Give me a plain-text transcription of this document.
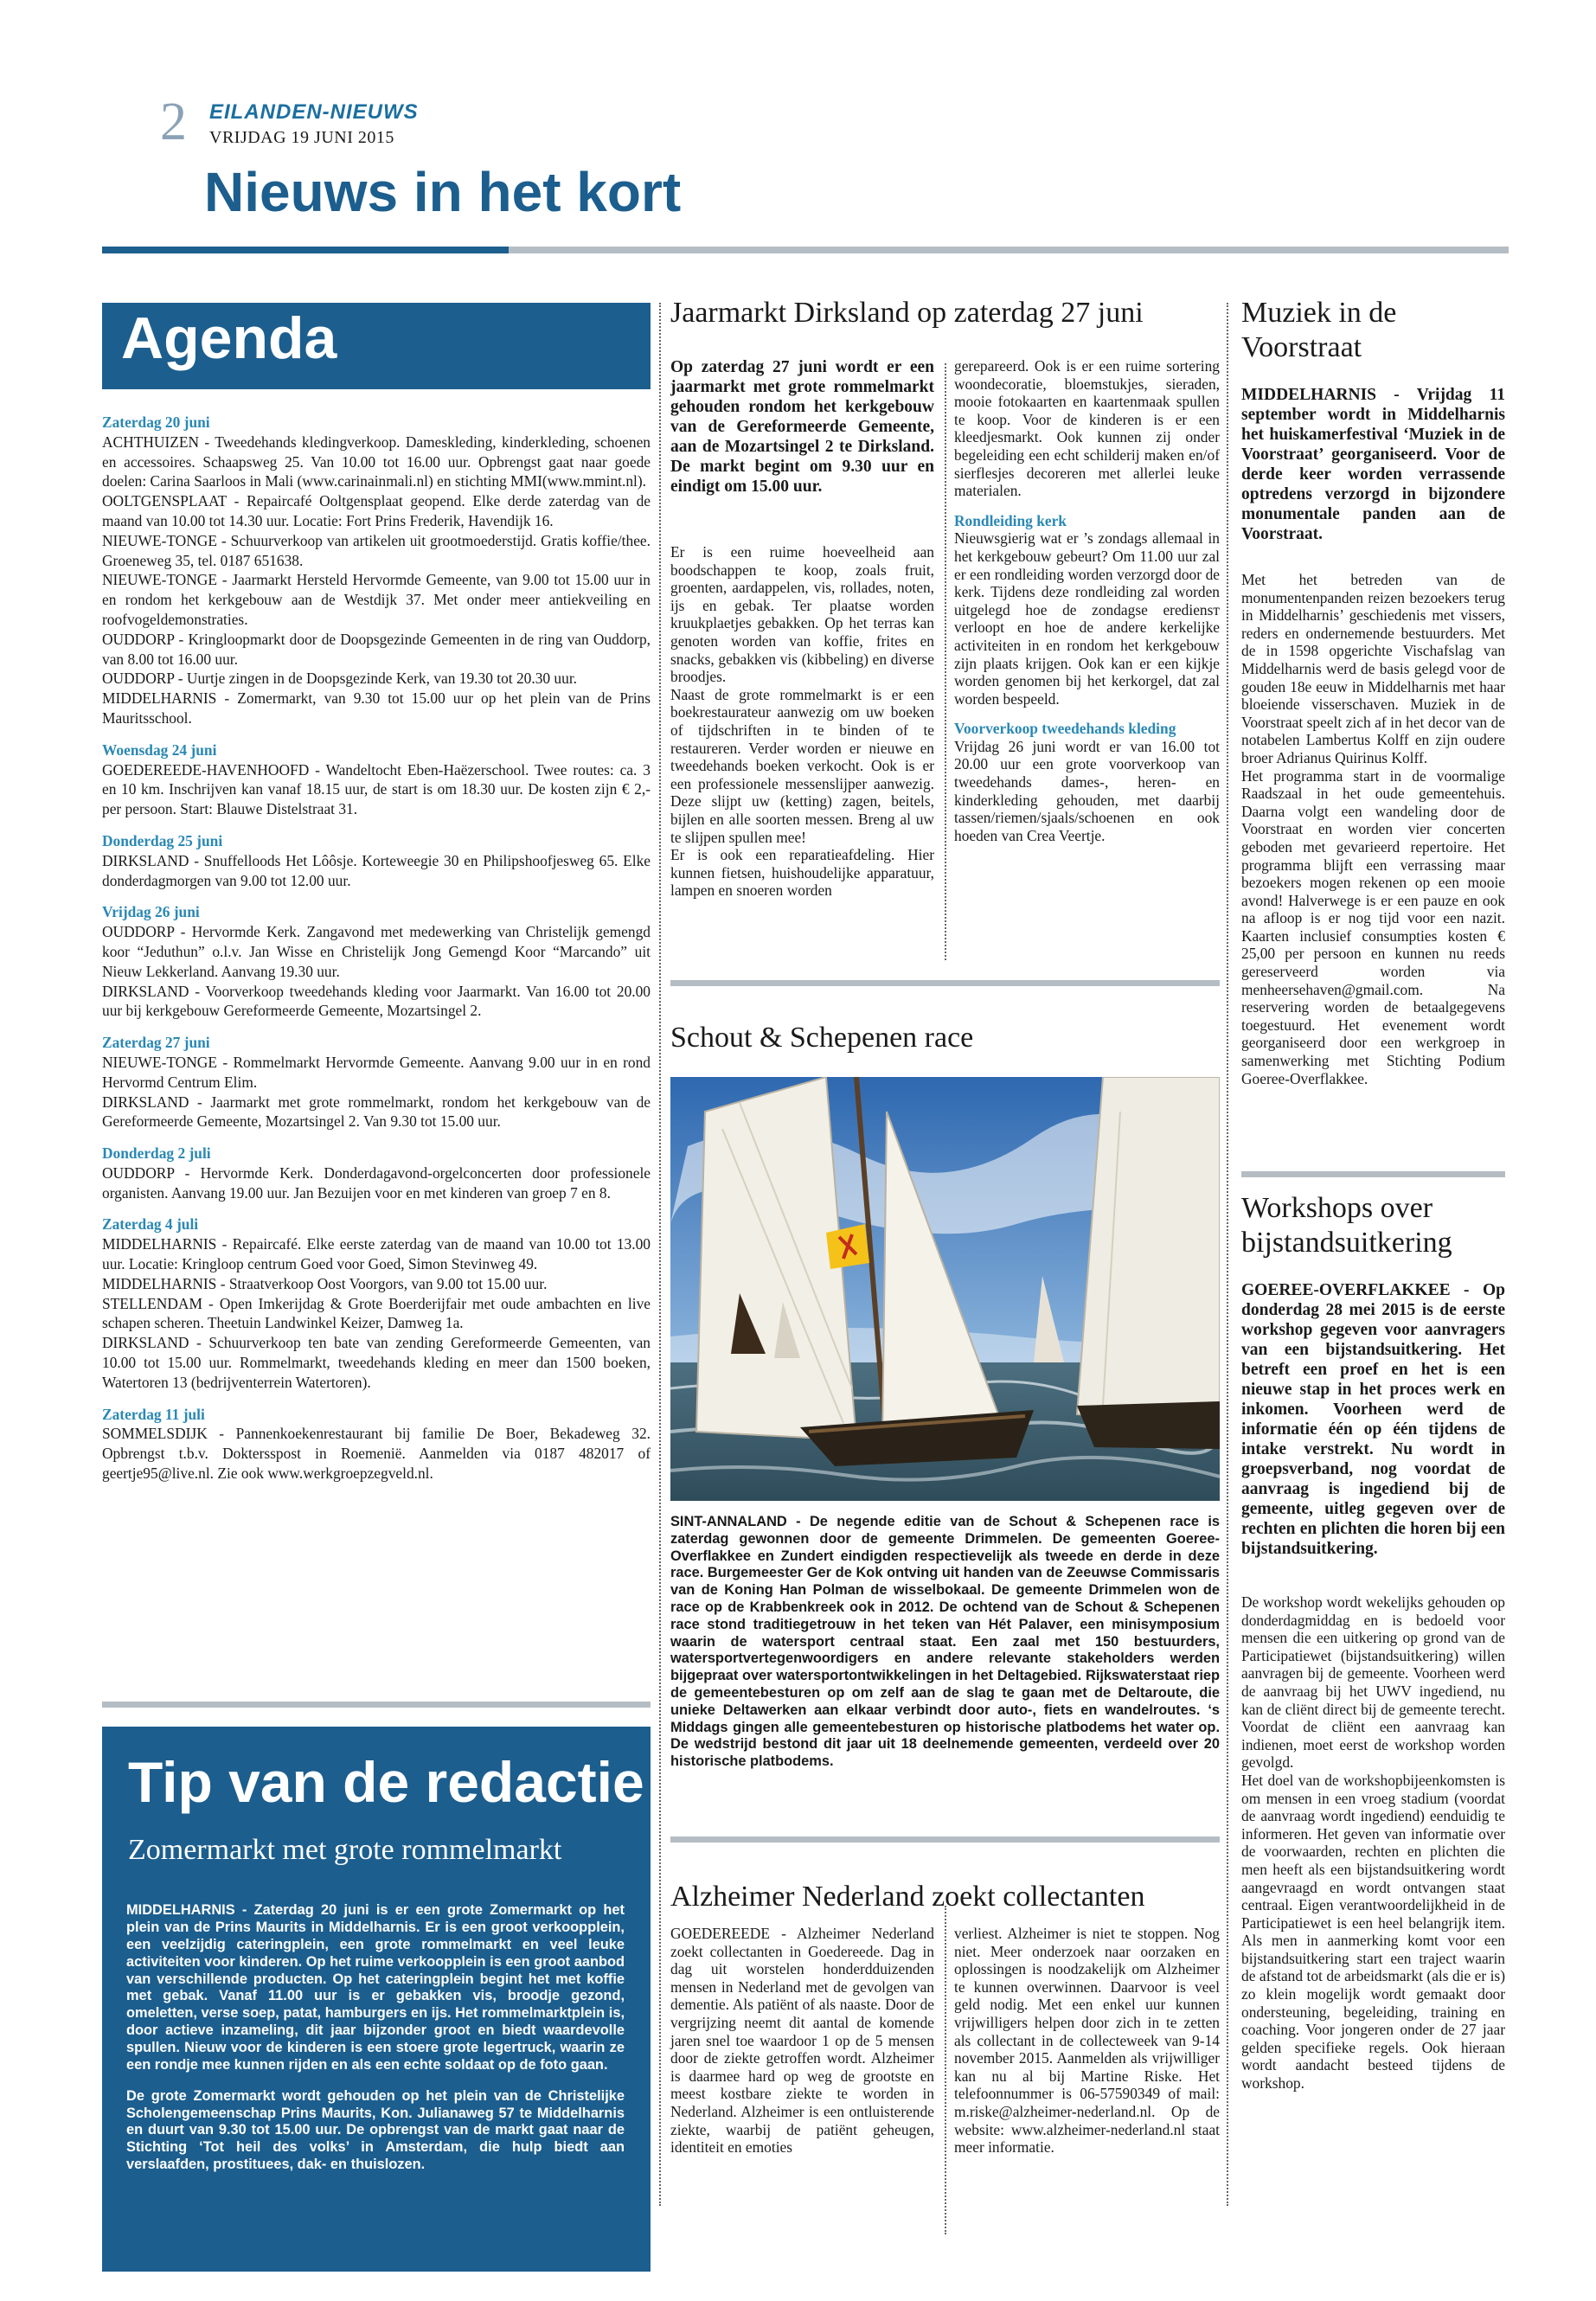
2 EILANDEN-NIEUWS
VRIJDAG 19 JUNI 2015
Nieuws in het kort
Agenda
Zaterdag 20 juni

ACHTHUIZEN - Tweedehands kledingverkoop. Dameskleding, kinderkleding, schoenen en accessoires. Schaapsweg 25. Van 10.00 tot 16.00 uur. Opbrengst gaat naar goede doelen: Carina Saarloos in Mali (www.carinainmali.nl) en stichting MMI(www.mmint.nl).

OOLTGENSPLAAT - Repaircafé Ooltgensplaat geopend. Elke derde zaterdag van de maand van 10.00 tot 14.30 uur. Locatie: Fort Prins Frederik, Havendijk 16.

NIEUWE-TONGE - Schuurverkoop van artikelen uit grootmoederstijd. Gratis koffie/thee. Groeneweg 35, tel. 0187 651638.

NIEUWE-TONGE - Jaarmarkt Hersteld Hervormde Gemeente, van 9.00 tot 15.00 uur in en rondom het kerkgebouw aan de Westdijk 37. Met onder meer antiekveiling en roofvogeldemonstraties.

OUDDORP - Kringloopmarkt door de Doopsgezinde Gemeenten in de ring van Ouddorp, van 8.00 tot 16.00 uur.

OUDDORP - Uurtje zingen in de Doopsgezinde Kerk, van 19.30 tot 20.30 uur.

MIDDELHARNIS - Zomermarkt, van 9.30 tot 15.00 uur op het plein van de Prins Mauritsschool.

Woensdag 24 juni

GOEDEREEDE-HAVENHOOFD - Wandeltocht Eben-Haëzerschool. Twee routes: ca. 3 en 10 km. Inschrijven kan vanaf 18.15 uur, de start is om 18.30 uur. De kosten zijn € 2,- per persoon. Start: Blauwe Distelstraat 31.

Donderdag 25 juni

DIRKSLAND - Snuffelloods Het Lôôsje. Korteweegie 30 en Philipshoofjesweg 65. Elke donderdagmorgen van 9.00 tot 12.00 uur.

Vrijdag 26 juni

OUDDORP - Hervormde Kerk. Zangavond met medewerking van Christelijk gemengd koor “Jeduthun” o.l.v. Jan Wisse en Christelijk Jong Gemengd Koor “Marcando” uit Nieuw Lekkerland. Aanvang 19.30 uur.

DIRKSLAND - Voorverkoop tweedehands kleding voor Jaarmarkt. Van 16.00 tot 20.00 uur bij kerkgebouw Gereformeerde Gemeente, Mozartsingel 2.

Zaterdag 27 juni

NIEUWE-TONGE - Rommelmarkt Hervormde Gemeente. Aanvang 9.00 uur in en rond Hervormd Centrum Elim.

DIRKSLAND - Jaarmarkt met grote rommelmarkt, rondom het kerkgebouw van de Gereformeerde Gemeente, Mozartsingel 2. Van 9.30 tot 15.00 uur.

Donderdag 2 juli

OUDDORP - Hervormde Kerk. Donderdagavond-orgelconcerten door professionele organisten. Aanvang 19.00 uur. Jan Bezuijen voor en met kinderen van groep 7 en 8.

Zaterdag 4 juli

MIDDELHARNIS - Repaircafé. Elke eerste zaterdag van de maand van 10.00 tot 13.00 uur. Locatie: Kringloop centrum Goed voor Goed, Simon Stevinweg 49.

MIDDELHARNIS - Straatverkoop Oost Voorgors, van 9.00 tot 15.00 uur.

STELLENDAM - Open Imkerijdag & Grote Boerderijfair met oude ambachten en live schapen scheren. Theetuin Landwinkel Keizer, Damweg 1a.

DIRKSLAND - Schuurverkoop ten bate van zending Gereformeerde Gemeenten, van 10.00 tot 15.00 uur. Rommelmarkt, tweedehands kleding en meer dan 1500 boeken, Watertoren 13 (bedrijventerrein Watertoren).

Zaterdag 11 juli

SOMMELSDIJK - Pannenkoekenrestaurant bij familie De Boer, Bekadeweg 32. Opbrengst t.b.v. Doktersspost in Roemenië. Aanmelden via 0187 482017 of geertje95@live.nl. Zie ook www.werkgroepzegveld.nl.

Tip van de redactie
Zomermarkt met grote rommelmarkt

MIDDELHARNIS - Zaterdag 20 juni is er een grote Zomermarkt op het plein van de Prins Maurits in Middelharnis. Er is een groot verkoopplein, een veelzijdig cateringplein, een grote rommelmarkt en veel leuke activiteiten voor kinderen. Op het ruime verkoopplein is een groot aanbod van verschillende producten. Op het cateringplein begint het met koffie met gebak. Vanaf 11.00 uur is er gebakken vis, broodje gezond, omeletten, verse soep, patat, hamburgers en ijs. Het rommelmarktplein is, door actieve inzameling, dit jaar bijzonder groot en biedt waardevolle spullen. Nieuw voor de kinderen is een stoere grote legertruck, waarin ze een rondje mee kunnen rijden en als een echte soldaat op de foto gaan.

De grote Zomermarkt wordt gehouden op het plein van de Christelijke Scholengemeenschap Prins Maurits, Kon. Julianaweg 57 te Middelharnis en duurt van 9.30 tot 15.00 uur. De opbrengst van de markt gaat naar de Stichting ‘Tot heil des volks’ in Amsterdam, die hulp biedt aan verslaafden, prostituees, dak- en thuislozen.

Jaarmarkt Dirksland op zaterdag 27 juni
Op zaterdag 27 juni wordt er een jaarmarkt met grote rommelmarkt gehouden rondom het kerkgebouw van de Gereformeerde Gemeente, aan de Mozartsingel 2 te Dirksland. De markt begint om 9.30 uur en eindigt om 15.00 uur.

Er is een ruime hoeveelheid aan boodschappen te koop, zoals fruit, groenten, aardappelen, vis, rollades, noten, ijs en gebak. Ter plaatse worden kruukplaetjes gebakken. Op het terras kan genoten worden van koffie, frites en snacks, gebakken vis (kibbeling) en diverse broodjes.

Naast de grote rommelmarkt is er een boekrestaurateur aanwezig om uw boeken of tijdschriften in te binden of te restaureren. Verder worden er nieuwe en tweedehands boeken verkocht. Ook is er een professionele messenslijper aanwezig. Deze slijpt uw (ketting) zagen, beitels, bijlen en alle soorten messen. Breng al uw te slijpen spullen mee!

Er is ook een reparatieafdeling. Hier kunnen fietsen, huishoudelijke apparatuur, lampen en snoeren worden

gerepareerd. Ook is er een ruime sortering woondecoratie, bloemstukjes, sieraden, mooie fotokaarten en kaartenmaak spullen te koop. Voor de kinderen is er een kleedjesmarkt. Ook kunnen zij onder begeleiding een echt schilderij maken en/of sierflesjes decoreren met allerlei leuke materialen.

Rondleiding kerk

Nieuwsgierig wat er ’s zondags allemaal in het kerkgebouw gebeurt? Om 11.00 uur zal er een rondleiding worden verzorgd door de kerk. Tijdens deze rondleiding zal worden uitgelegd hoe de zondagse erediensт verloopt en hoe de andere kerkelijke activiteiten in en rondom het kerkgebouw zijn plaats krijgen. Ook kan er een kijkje worden genomen bij het kerkorgel, dat zal worden bespeeld.

Voorverkoop tweedehands kleding

Vrijdag 26 juni wordt er van 16.00 tot 20.00 uur een grote voorverkoop van tweedehands dames-, heren- en kinderkleding gehouden, met daarbij tassen/riemen/sjaals/schoenen en ook hoeden van Crea Veertje.

Schout & Schepenen race
SINT-ANNALAND - De negende editie van de Schout & Schepenen race is zaterdag gewonnen door de gemeente Drimmelen. De gemeenten Goeree-Overflakkee en Zundert eindigden respectievelijk als tweede en derde in deze race. Burgemeester Ger de Kok ontving uit handen van de Zeeuwse Commissaris van de Koning Han Polman de wisselbokaal. De gemeente Drimmelen won de race op de Krabbenkreek ook in 2012. De ochtend van de Schout & Schepenen race stond traditiegetrouw in het teken van Hét Palaver, een minisymposium waarin de watersport centraal staat. Een zaal met 150 bestuurders, watersportvertegenwoordigers en andere relevante stakeholders werden bijgepraat over watersportontwikkelingen in het Deltagebied. Rijkswaterstaat riep de gemeentebesturen op om zelf aan de slag te gaan met de Deltaroute, die unieke Deltawerken aan elkaar verbindt door auto-, fiets en wandelroutes. ‘s Middags gingen alle gemeentebesturen op historische platbodems het water op. De wedstrijd bestond dit jaar uit 18 deelnemende gemeenten, verdeeld over 20 historische platbodems.
Alzheimer Nederland zoekt collectanten
GOEDEREEDE - Alzheimer Nederland zoekt collectanten in Goedereede. Dag in dag uit worstelen honderdduizenden mensen in Nederland met de gevolgen van dementie. Als patiënt of als naaste. Door de vergrijzing neemt dit aantal de komende jaren snel toe waardoor 1 op de 5 mensen door de ziekte getroffen wordt. Alzheimer is daarmee hard op weg de grootste en meest kostbare ziekte te worden in Nederland. Alzheimer is een ontluisterende ziekte, waarbij de patiënt geheugen, identiteit en emoties
verliest. Alzheimer is niet te stoppen. Nog niet. Meer onderzoek naar oorzaken en oplossingen is noodzakelijk om Alzheimer te kunnen overwinnen. Daarvoor is veel geld nodig. Met een enkel uur kunnen vrijwilligers helpen door zich in te zetten als collectant in de collecteweek van 9-14 november 2015. Aanmelden als vrijwilliger kan nu al bij Martine Riske. Het telefoonnummer is 06-57590349 of mail: m.riske@alzheimer-nederland.nl. Op de website: www.alzheimer-nederland.nl staat meer informatie.
Muziek in de Voorstraat
MIDDELHARNIS - Vrijdag 11 september wordt in Middelharnis het huiskamerfestival ‘Muziek in de Voorstraat’ georganiseerd. Voor de derde keer worden verrassende optredens verzorgd in bijzondere monumentale panden aan de Voorstraat.

Met het betreden van de monumentenpanden reizen bezoekers terug in Middelharnis’ geschiedenis met vissers, reders en ondernemende bestuurders. Met de in 1598 opgerichte Vischafslag van Middelharnis werd de basis gelegd voor de gouden 18e eeuw in Middelharnis met haar bloeiende visserschaven. Muziek in de Voorstraat speelt zich af in het decor van de notabelen Lambertus Kolff en zijn oudere broer Adrianus Quirinus Kolff.

Het programma start in de voormalige Raadszaal in het oude gemeentehuis. Daarna volgt een wandeling door de Voorstraat en worden vier concerten geboden met gevarieerd repertoire. Het programma blijft een verrassing maar bezoekers mogen rekenen op een mooie avond! Halverwege is er een pauze en ook na afloop is er nog tijd voor een nazit. Kaarten inclusief consumpties kosten € 25,00 per persoon en kunnen nu reeds gereserveerd worden via menheersehaven@gmail.com. Na reservering worden de betaalgegevens toegestuurd. Het evenement wordt georganiseerd door een werkgroep in samenwerking met Stichting Podium Goeree-Overflakkee.

Workshops over bijstandsuitkering
GOEREE-OVERFLAKKEE - Op donderdag 28 mei 2015 is de eerste workshop gegeven voor aanvragers van een bijstandsuitkering. Het betreft een proef en het is een nieuwe stap in het proces werk en inkomen. Voorheen werd de informatie één op één tijdens de intake verstrekt. Nu wordt in groepsverband, nog voordat de aanvraag is ingediend bij de gemeente, uitleg gegeven over de rechten en plichten die horen bij een bijstandsuitkering.

De workshop wordt wekelijks gehouden op donderdagmiddag en is bedoeld voor mensen die een uitkering op grond van de Participatiewet (bijstandsuitkering) willen aanvragen bij de gemeente. Voorheen werd de aanvraag bij het UWV ingediend, nu kan de cliënt direct bij de gemeente terecht. Voordat de cliënt een aanvraag kan indienen, moet eerst de workshop worden gevolgd.

Het doel van de workshopbijeenkomsten is om mensen in een vroeg stadium (voordat de aanvraag wordt ingediend) eenduidig te informeren. Het geven van informatie over de voorwaarden, rechten en plichten die men heeft als een bijstandsuitkering wordt aangevraagd en wordt ontvangen staat centraal. Eigen verantwoordelijkheid in de Participatiewet is een heel belangrijk item. Als men in aanmerking komt voor een bijstandsuitkering start een traject waarin de afstand tot de arbeidsmarkt (als die er is) zo klein mogelijk wordt gemaakt door ondersteuning, begeleiding, training en coaching. Voor jongeren onder de 27 jaar gelden specifieke regels. Ook hieraan wordt aandacht besteed tijdens de workshop.
